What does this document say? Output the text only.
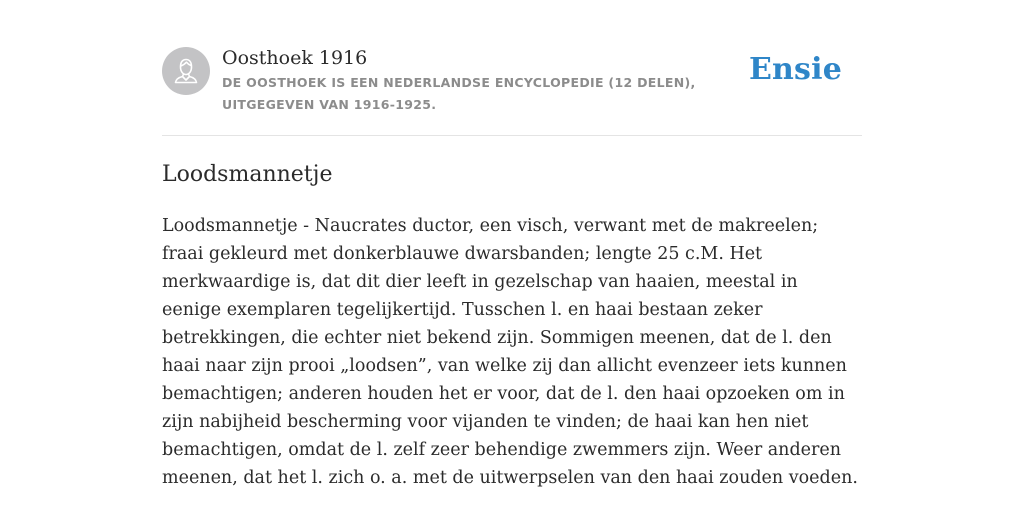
Oosthoek 1916
DE OOSTHOEK IS EEN NEDERLANDSE ENCYCLOPEDIE (12 DELEN), UITGEGEVEN VAN 1916-1925.
Ensie
Loodsmannetje

Loodsmannetje - Naucrates ductor, een visch, verwant met de makreelen; fraai gekleurd met donkerblauwe dwarsbanden; lengte 25 c.M. Het merkwaardige is, dat dit dier leeft in gezelschap van haaien, meestal in eenige exemplaren tegelijkertijd. Tusschen l. en haai bestaan zeker betrekkingen, die echter niet bekend zijn. Sommigen meenen, dat de l. den haai naar zijn prooi „loodsen”, van welke zij dan allicht evenzeer iets kunnen bemachtigen; anderen houden het er voor, dat de l. den haai opzoeken om in zijn nabijheid bescherming voor vijanden te vinden; de haai kan hen niet bemachtigen, omdat de l. zelf zeer behendige zwemmers zijn. Weer anderen meenen, dat het l. zich o. a. met de uitwerpselen van den haai zouden voeden.
